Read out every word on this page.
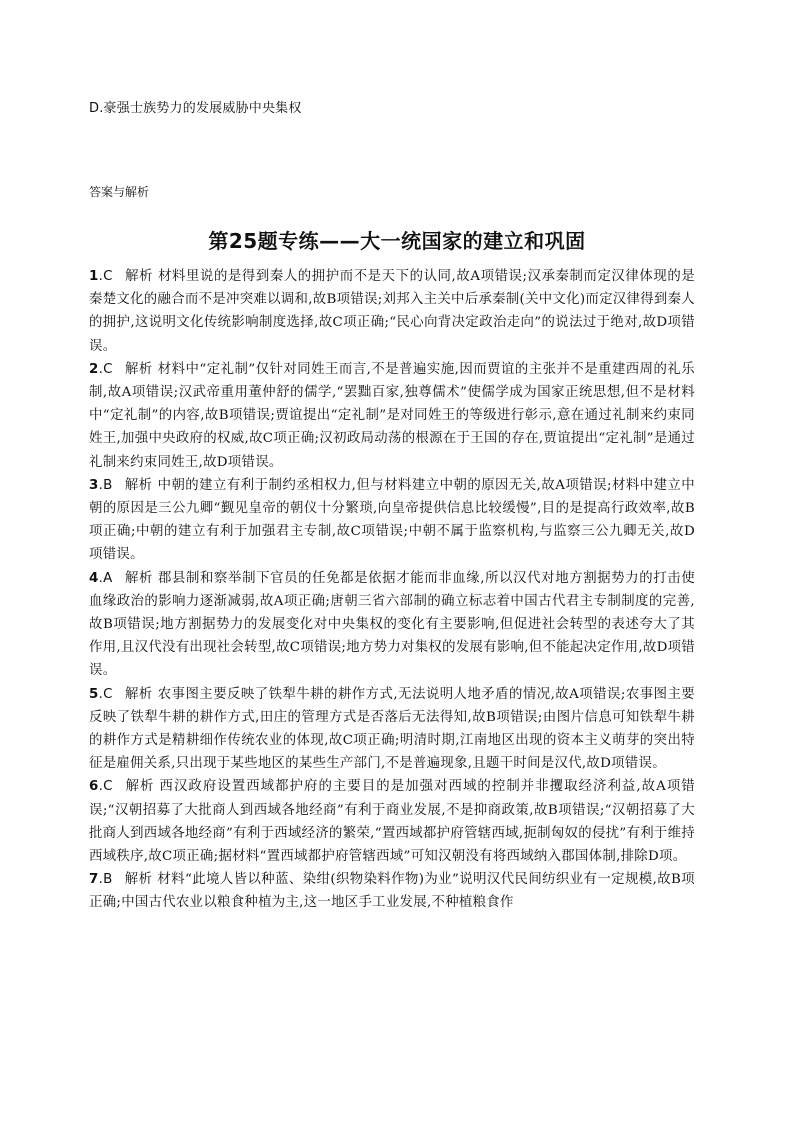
D.豪强士族势力的发展威胁中央集权
答案与解析
第25题专练——大一统国家的建立和巩固

1.C 解析 材料里说的是得到秦人的拥护而不是天下的认同,故A项错误;汉承秦制而定汉律体现的是秦楚文化的融合而不是冲突难以调和,故B项错误;刘邦入主关中后承秦制(关中文化)而定汉律得到秦人的拥护,这说明文化传统影响制度选择,故C项正确;“民心向背决定政治走向”的说法过于绝对,故D项错误。

2.C 解析 材料中“定礼制”仅针对同姓王而言,不是普遍实施,因而贾谊的主张并不是重建西周的礼乐制,故A项错误;汉武帝重用董仲舒的儒学,“罢黜百家,独尊儒术”使儒学成为国家正统思想,但不是材料中“定礼制”的内容,故B项错误;贾谊提出“定礼制”是对同姓王的等级进行彰示,意在通过礼制来约束同姓王,加强中央政府的权威,故C项正确;汉初政局动荡的根源在于王国的存在,贾谊提出“定礼制”是通过礼制来约束同姓王,故D项错误。

3.B 解析 中朝的建立有利于制约丞相权力,但与材料建立中朝的原因无关,故A项错误;材料中建立中朝的原因是三公九卿“觐见皇帝的朝仪十分繁琐,向皇帝提供信息比较缓慢”,目的是提高行政效率,故B项正确;中朝的建立有利于加强君主专制,故C项错误;中朝不属于监察机构,与监察三公九卿无关,故D项错误。

4.A 解析 郡县制和察举制下官员的任免都是依据才能而非血缘,所以汉代对地方割据势力的打击使血缘政治的影响力逐渐减弱,故A项正确;唐朝三省六部制的确立标志着中国古代君主专制制度的完善,故B项错误;地方割据势力的发展变化对中央集权的变化有主要影响,但促进社会转型的表述夸大了其作用,且汉代没有出现社会转型,故C项错误;地方势力对集权的发展有影响,但不能起决定作用,故D项错误。

5.C 解析 农事图主要反映了铁犁牛耕的耕作方式,无法说明人地矛盾的情况,故A项错误;农事图主要反映了铁犁牛耕的耕作方式,田庄的管理方式是否落后无法得知,故B项错误;由图片信息可知铁犁牛耕的耕作方式是精耕细作传统农业的体现,故C项正确;明清时期,江南地区出现的资本主义萌芽的突出特征是雇佣关系,只出现于某些地区的某些生产部门,不是普遍现象,且题干时间是汉代,故D项错误。

6.C 解析 西汉政府设置西域都护府的主要目的是加强对西域的控制并非攫取经济利益,故A项错误;“汉朝招募了大批商人到西域各地经商”有利于商业发展,不是抑商政策,故B项错误;“汉朝招募了大批商人到西域各地经商”有利于西域经济的繁荣,“置西域都护府管辖西域,扼制匈奴的侵扰”有利于维持西域秩序,故C项正确;据材料“置西域都护府管辖西域”可知汉朝没有将西域纳入郡国体制,排除D项。

7.B 解析 材料“此境人皆以种蓝、染绀(织物染料作物)为业”说明汉代民间纺织业有一定规模,故B项正确;中国古代农业以粮食种植为主,这一地区手工业发展,不种植粮食作
